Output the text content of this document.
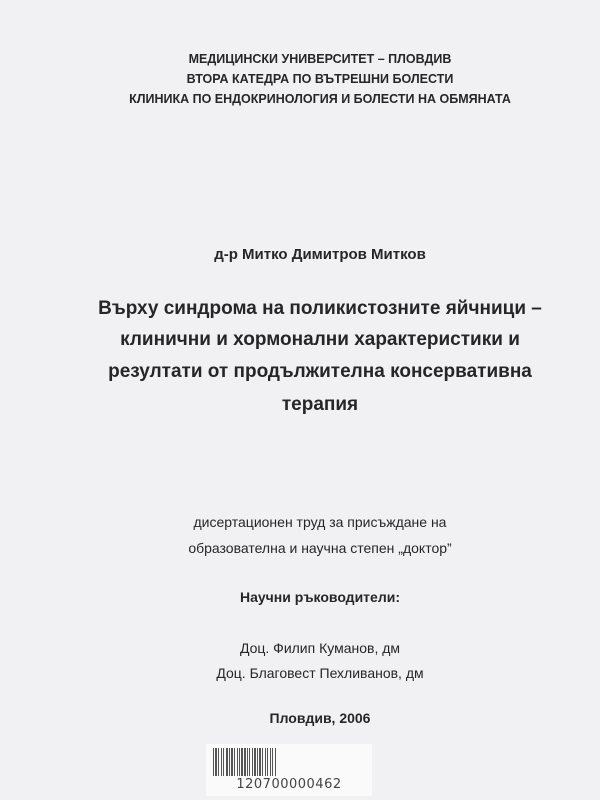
МЕДИЦИНСКИ УНИВЕРСИТЕТ – ПЛОВДИВ
ВТОРА КАТЕДРА ПО ВЪТРЕШНИ БОЛЕСТИ
КЛИНИКА ПО ЕНДОКРИНОЛОГИЯ И БОЛЕСТИ НА ОБМЯНАТА
д-р Митко Димитров Митков
Върху синдрома на поликистозните яйчници –
клинични и хормонални характеристики и
резултати от продължителна консервативна
терапия
дисертационен труд за присъждане на
образователна и научна степен „доктор”
Научни ръководители:
Доц. Филип Куманов, дм
Доц. Благовест Пехливанов, дм
Пловдив, 2006
120700000462
